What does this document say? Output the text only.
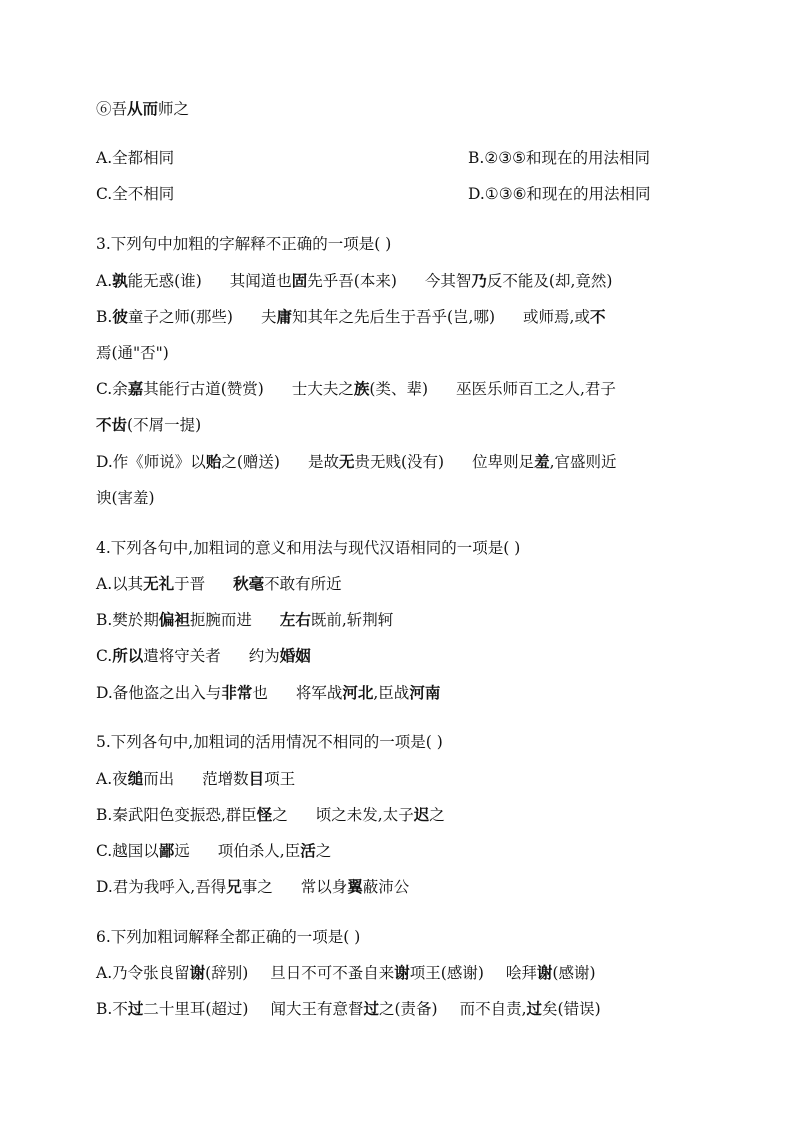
⑥吾从而师之
A.全都相同	B.②③⑤和现在的用法相同
C.全不相同	D.①③⑥和现在的用法相同
3.下列句中加粗的字解释不正确的一项是( )
A.孰能无惑(谁) 其闻道也固先乎吾(本来) 今其智乃反不能及(却,竟然)
B.彼童子之师(那些) 夫庸知其年之先后生于吾乎(岂,哪) 或师焉,或不
焉(通"否")
C.余嘉其能行古道(赞赏) 士大夫之族(类、辈) 巫医乐师百工之人,君子
不齿(不屑一提)
D.作《师说》以贻之(赠送) 是故无贵无贱(没有) 位卑则足羞,官盛则近
谀(害羞)
4.下列各句中,加粗词的意义和用法与现代汉语相同的一项是( )
A.以其无礼于晋 秋毫不敢有所近
B.樊於期偏袒扼腕而进 左右既前,斩荆轲
C.所以遣将守关者 约为婚姻
D.备他盗之出入与非常也 将军战河北,臣战河南
5.下列各句中,加粗词的活用情况不相同的一项是( )
A.夜缒而出 范增数目项王
B.秦武阳色变振恐,群臣怪之 顷之未发,太子迟之
C.越国以鄙远 项伯杀人,臣活之
D.君为我呼入,吾得兄事之 常以身翼蔽沛公
6.下列加粗词解释全都正确的一项是( )
A.乃令张良留谢(辞别) 旦日不可不蚤自来谢项王(感谢) 哙拜谢(感谢)
B.不过二十里耳(超过) 闻大王有意督过之(责备) 而不自责,过矣(错误)
